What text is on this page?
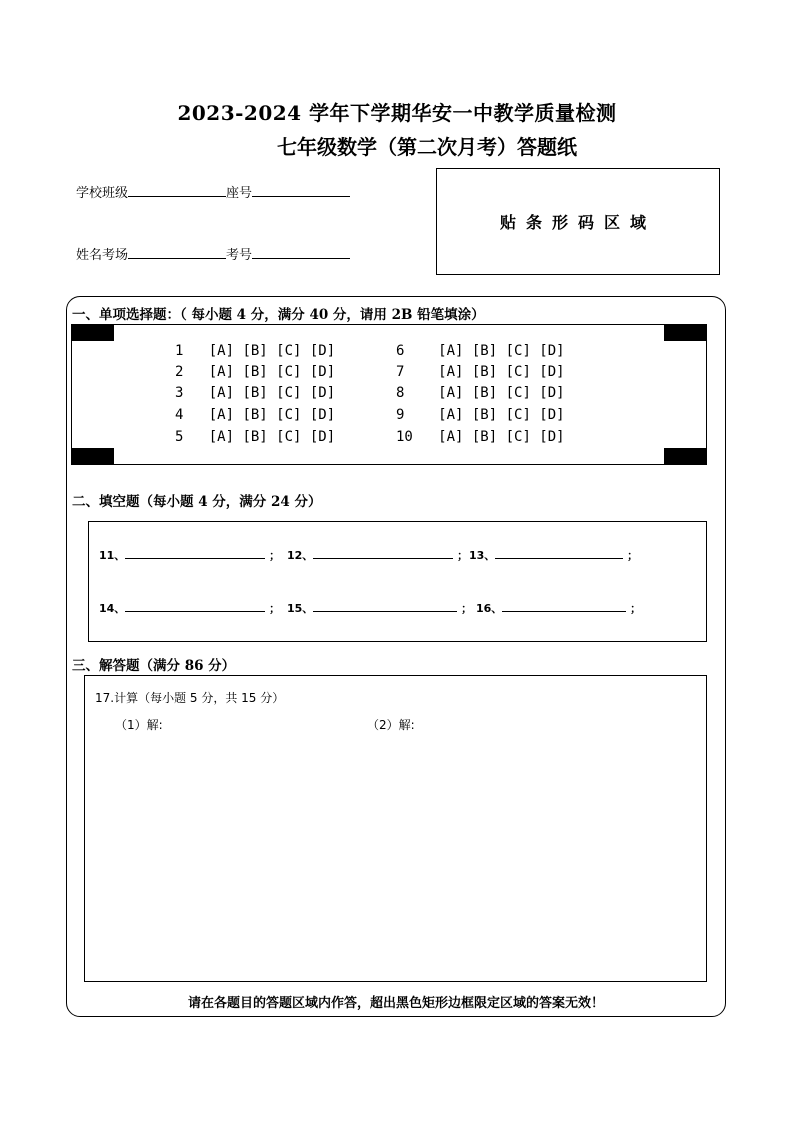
2023-2024 学年下学期华安一中教学质量检测
七年级数学（第二次月考）答题纸
学校班级	座号
姓名考场	考号
贴条形码区域
一、单项选择题：（ 每小题 4 分，满分 40 分，请用 2B 铅笔填涂）
1 [A] [B] [C] [D]
2 [A] [B] [C] [D]
3 [A] [B] [C] [D]
4 [A] [B] [C] [D]
5 [A] [B] [C] [D]
6 [A] [B] [C] [D]
7 [A] [B] [C] [D]
8 [A] [B] [C] [D]
9 [A] [B] [C] [D]
10 [A] [B] [C] [D]
二、填空题（每小题 4 分，满分 24 分）
11、	； 12、	； 13、	；
14、	； 15、	； 16、	；
三、解答题（满分 86 分）
17.计算（每小题 5 分，共 15 分）
（1）解:	（2）解:
请在各题目的答题区域内作答，超出黑色矩形边框限定区域的答案无效！
